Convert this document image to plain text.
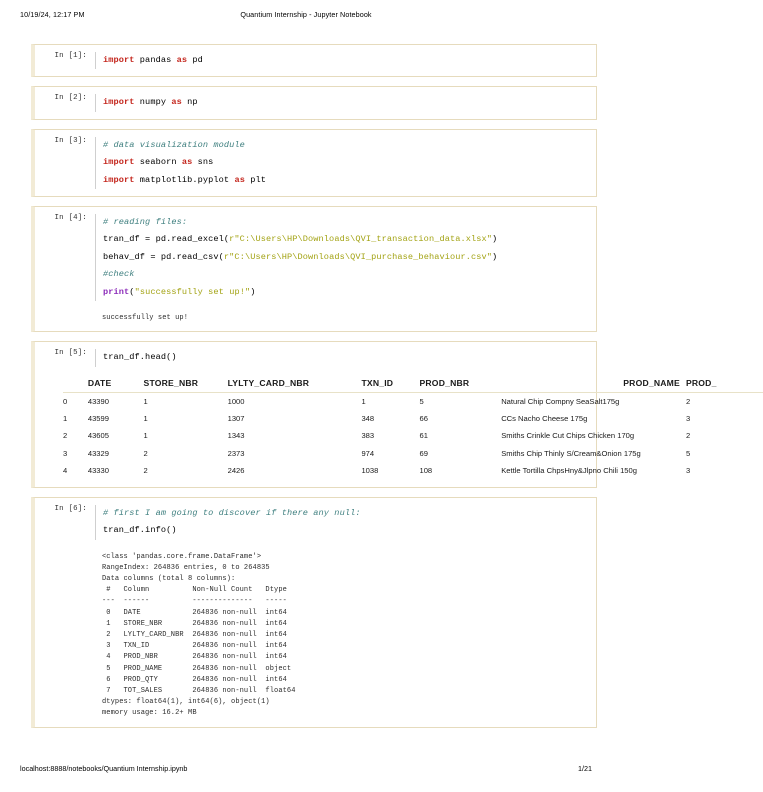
10/19/24, 12:17 PM	Quantium Internship - Jupyter Notebook
In [1]: import pandas as pd
In [2]: import numpy as np
In [3]: # data visualization module
import seaborn as sns
import matplotlib.pyplot as plt
In [4]: # reading files:
tran_df = pd.read_excel(r"C:\Users\HP\Downloads\QVI_transaction_data.xlsx")
behav_df = pd.read_csv(r"C:\Users\HP\Downloads\QVI_purchase_behaviour.csv")
#check
print("successfully set up!")
successfully set up!
In [5]: tran_df.head()
	DATE	STORE_NBR	LYLTY_CARD_NBR	TXN_ID	PROD_NBR	PROD_NAME	PROD_
0	43390	1	1000	1	5	Natural Chip Compny SeaSalt175g	2
1	43599	1	1307	348	66	CCs Nacho Cheese 175g	3
2	43605	1	1343	383	61	Smiths Crinkle Cut Chips Chicken 170g	2
3	43329	2	2373	974	69	Smiths Chip Thinly S/Cream&Onion 175g	5
4	43330	2	2426	1038	108	Kettle Tortilla ChpsHny&Jlpno Chili 150g	3
In [6]: # first I am going to discover if there any null:
tran_df.info()
<class 'pandas.core.frame.DataFrame'>
RangeIndex: 264836 entries, 0 to 264835
Data columns (total 8 columns):
#   Column          Non-Null Count   Dtype
---  ------          --------------   -----
0   DATE            264836 non-null  int64
1   STORE_NBR       264836 non-null  int64
2   LYLTY_CARD_NBR  264836 non-null  int64
3   TXN_ID          264836 non-null  int64
4   PROD_NBR        264836 non-null  int64
5   PROD_NAME       264836 non-null  object
6   PROD_QTY        264836 non-null  int64
7   TOT_SALES       264836 non-null  float64
dtypes: float64(1), int64(6), object(1)
memory usage: 16.2+ MB
localhost:8888/notebooks/Quantium Internship.ipynb	1/21
